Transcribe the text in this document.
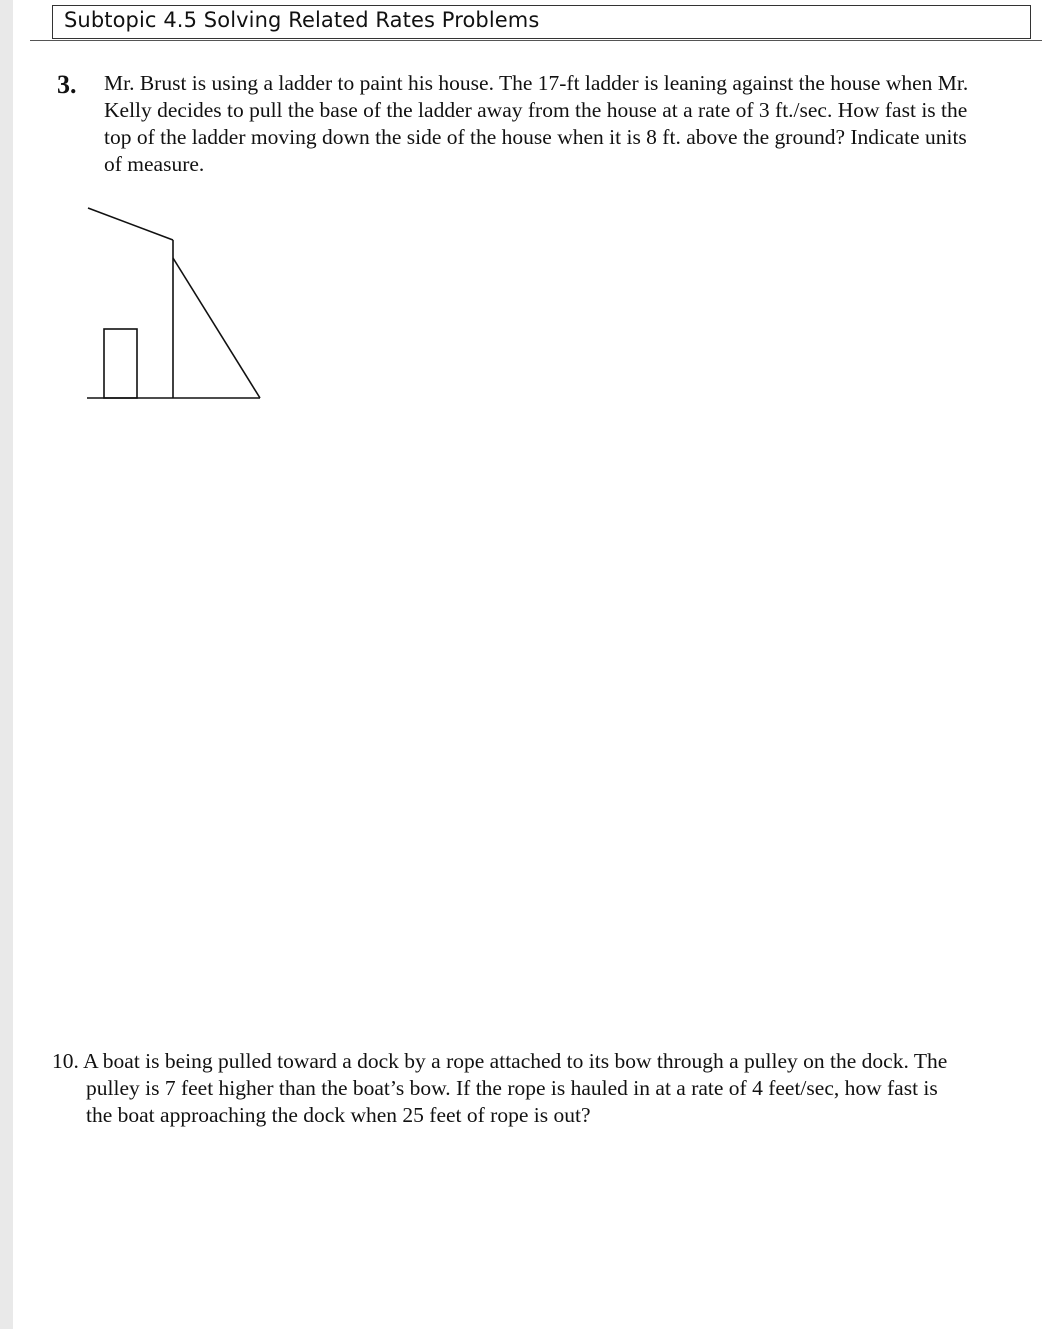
Subtopic 4.5 Solving Related Rates Problems
3. Mr. Brust is using a ladder to paint his house. The 17-ft ladder is leaning against the house when Mr.
Kelly decides to pull the base of the ladder away from the house at a rate of 3 ft./sec. How fast is the
top of the ladder moving down the side of the house when it is 8 ft. above the ground? Indicate units
of measure.
10. A boat is being pulled toward a dock by a rope attached to its bow through a pulley on the dock. The
pulley is 7 feet higher than the boat’s bow. If the rope is hauled in at a rate of 4 feet/sec, how fast is
the boat approaching the dock when 25 feet of rope is out?
